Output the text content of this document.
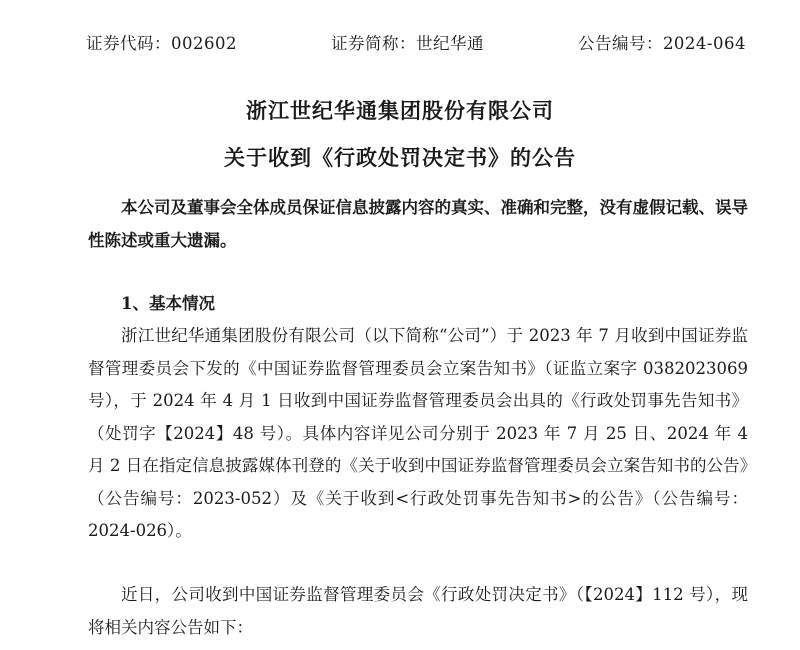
证券代码：002602	证券简称：世纪华通	公告编号：2024-064
浙江世纪华通集团股份有限公司
关于收到《行政处罚决定书》的公告
本公司及董事会全体成员保证信息披露内容的真实、准确和完整，没有虚假记载、误导性陈述或重大遗漏。
1、基本情况
浙江世纪华通集团股份有限公司（以下简称“公司”）于 2023 年 7 月收到中国证券监督管理委员会下发的《中国证券监督管理委员会立案告知书》（证监立案字 0382023069 号），于 2024 年 4 月 1 日收到中国证券监督管理委员会出具的《行政处罚事先告知书》（处罚字【2024】48 号）。具体内容详见公司分别于 2023 年 7 月 25 日、2024 年 4 月 2 日在指定信息披露媒体刊登的《关于收到中国证券监督管理委员会立案告知书的公告》（公告编号：2023-052）及《关于收到<行政处罚事先告知书>的公告》（公告编号：2024-026）。
近日，公司收到中国证券监督管理委员会《行政处罚决定书》（【2024】112 号），现将相关内容公告如下：
